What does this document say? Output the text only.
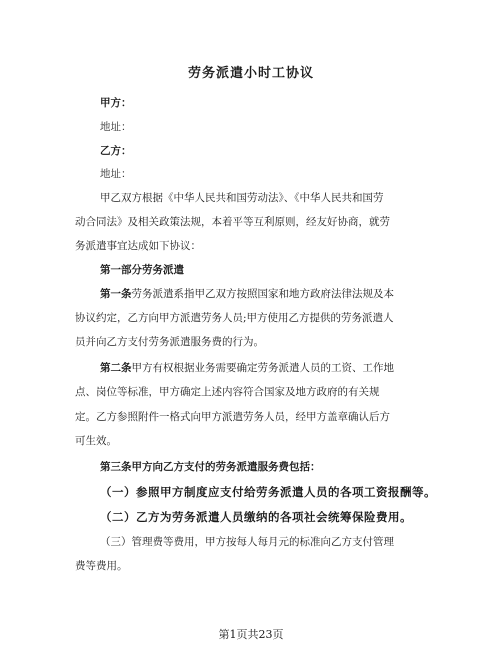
劳务派遣小时工协议
甲方：
地址：
乙方：
地址：
甲乙双方根据《中华人民共和国劳动法》、《中华人民共和国劳
动合同法》及相关政策法规，本着平等互利原则，经友好协商，就劳
务派遣事宜达成如下协议：
第一部分劳务派遣
第一条劳务派遣系指甲乙双方按照国家和地方政府法律法规及本
协议约定，乙方向甲方派遣劳务人员;甲方使用乙方提供的劳务派遣人
员并向乙方支付劳务派遣服务费的行为。
第二条甲方有权根据业务需要确定劳务派遣人员的工资、工作地
点、岗位等标准，甲方确定上述内容符合国家及地方政府的有关规
定。乙方参照附件一格式向甲方派遣劳务人员，经甲方盖章确认后方
可生效。
第三条甲方向乙方支付的劳务派遣服务费包括：
（一）参照甲方制度应支付给劳务派遣人员的各项工资报酬等。
（二）乙方为劳务派遣人员缴纳的各项社会统筹保险费用。
（三）管理费等费用，甲方按每人每月元的标准向乙方支付管理
费等费用。
第1页共23页
